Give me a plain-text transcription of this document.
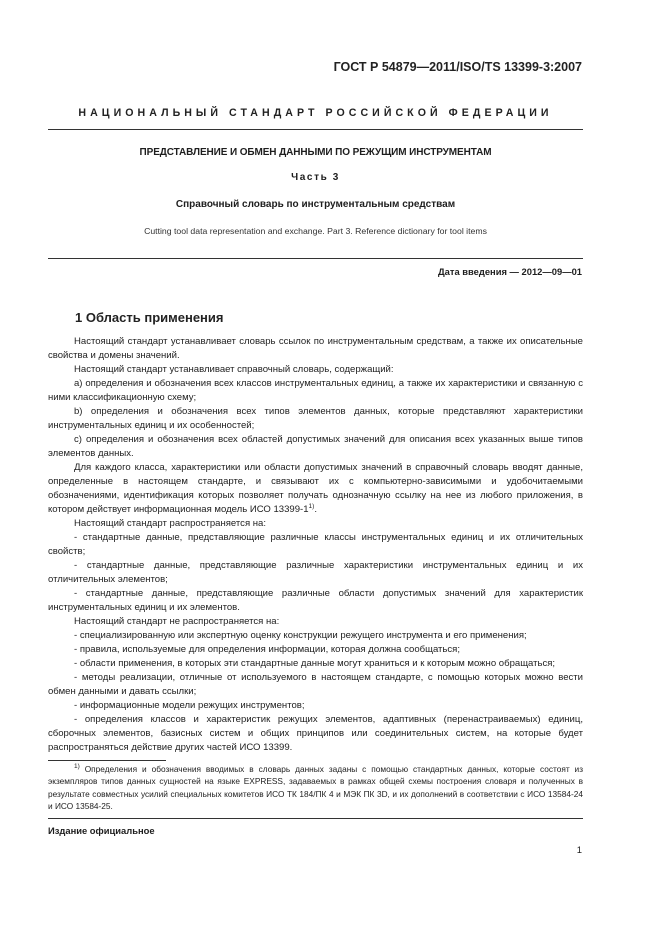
ГОСТ Р 54879—2011/ISO/TS 13399-3:2007
НАЦИОНАЛЬНЫЙ СТАНДАРТ РОССИЙСКОЙ ФЕДЕРАЦИИ
ПРЕДСТАВЛЕНИЕ И ОБМЕН ДАННЫМИ ПО РЕЖУЩИМ ИНСТРУМЕНТАМ
Часть 3
Справочный словарь по инструментальным средствам
Cutting tool data representation and exchange. Part 3. Reference dictionary for tool items
Дата введения — 2012—09—01
1 Область применения

Настоящий стандарт устанавливает словарь ссылок по инструментальным средствам, а также их описательные свойства и домены значений.

Настоящий стандарт устанавливает справочный словарь, содержащий:

а) определения и обозначения всех классов инструментальных единиц, а также их характеристики и связанную с ними классификационную схему;

b) определения и обозначения всех типов элементов данных, которые представляют характеристики инструментальных единиц и их особенностей;

c) определения и обозначения всех областей допустимых значений для описания всех указанных выше типов элементов данных.

Для каждого класса, характеристики или области допустимых значений в справочный словарь вводят данные, определенные в настоящем стандарте, и связывают их с компьютерно-зависимыми и удобочитаемыми обозначениями, идентификация которых позволяет получать однозначную ссылку на нее из любого приложения, в котором действует информационная модель ИСО 13399-1$^{1)}$.

Настоящий стандарт распространяется на:

- стандартные данные, представляющие различные классы инструментальных единиц и их отличительных свойств;

- стандартные данные, представляющие различные характеристики инструментальных единиц и их отличительных элементов;

- стандартные данные, представляющие различные области допустимых значений для характеристик инструментальных единиц и их элементов.

Настоящий стандарт не распространяется на:

- специализированную или экспертную оценку конструкции режущего инструмента и его применения;

- правила, используемые для определения информации, которая должна сообщаться;

- области применения, в которых эти стандартные данные могут храниться и к которым можно обращаться;

- методы реализации, отличные от используемого в настоящем стандарте, с помощью которых можно вести обмен данными и давать ссылки;

- информационные модели режущих инструментов;

- определения классов и характеристик режущих элементов, адаптивных (перенастраиваемых) единиц, сборочных элементов, базисных систем и общих принципов или соединительных систем, на которые будет распространяться действие других частей ИСО 13399.

$^{1)}$ Определения и обозначения вводимых в словарь данных заданы с помощью стандартных данных, которые состоят из экземпляров типов данных сущностей на языке EXPRESS, задаваемых в рамках общей схемы построения словаря и полученных в результате совместных усилий специальных комитетов ИСО ТК 184/ПК 4 и МЭК ПК 3D, и их дополнений в соответствии с ИСО 13584-24 и ИСО 13584-25.

Издание официальное
1
